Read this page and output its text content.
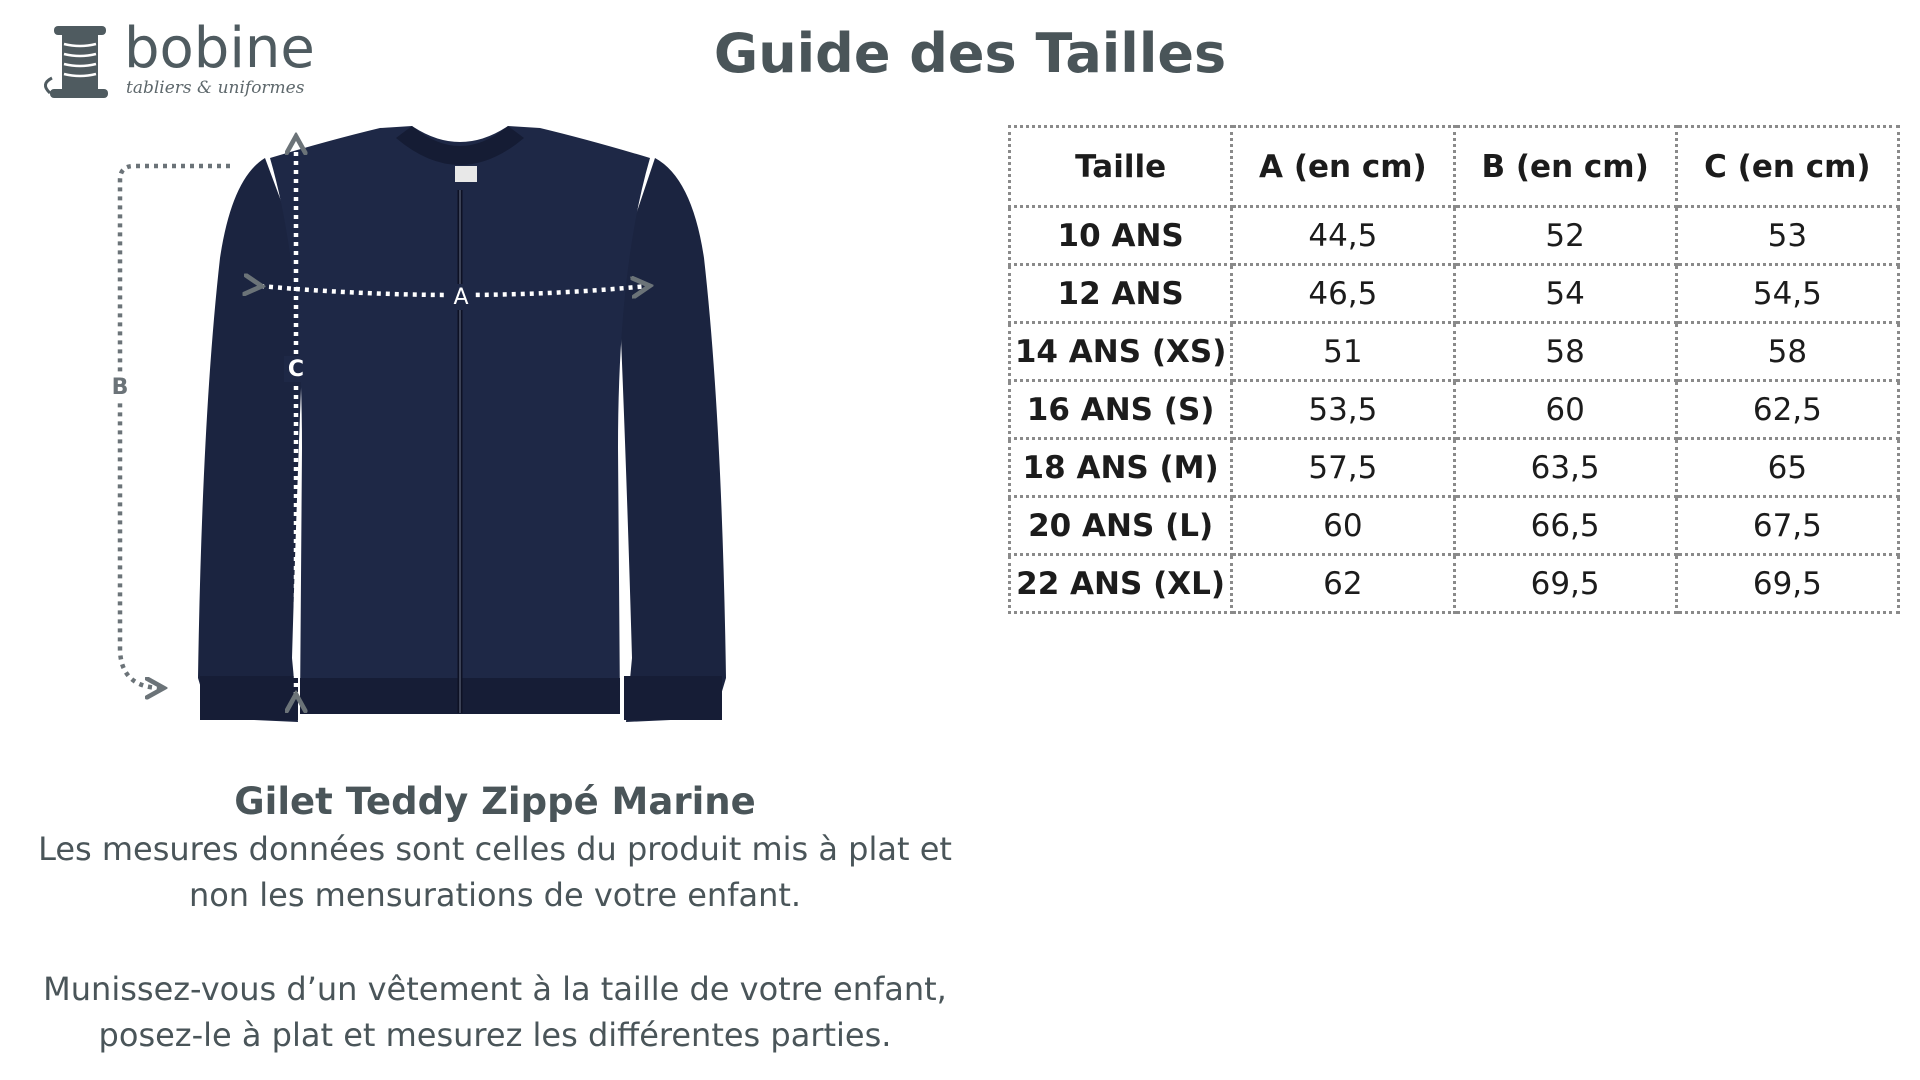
bobine
tabliers & uniformes
Guide des Tailles
A
C
B
Gilet Teddy Zippé Marine
Les mesures données sont celles du produit mis à plat et non les mensurations de votre enfant.
Munissez-vous d’un vêtement à la taille de votre enfant, posez-le à plat et mesurez les différentes parties.
Taille	A (en cm)	B (en cm)	C (en cm)
10 ANS	44,5	52	53
12 ANS	46,5	54	54,5
14 ANS (XS)	51	58	58
16 ANS (S)	53,5	60	62,5
18 ANS (M)	57,5	63,5	65
20 ANS (L)	60	66,5	67,5
22 ANS (XL)	62	69,5	69,5
